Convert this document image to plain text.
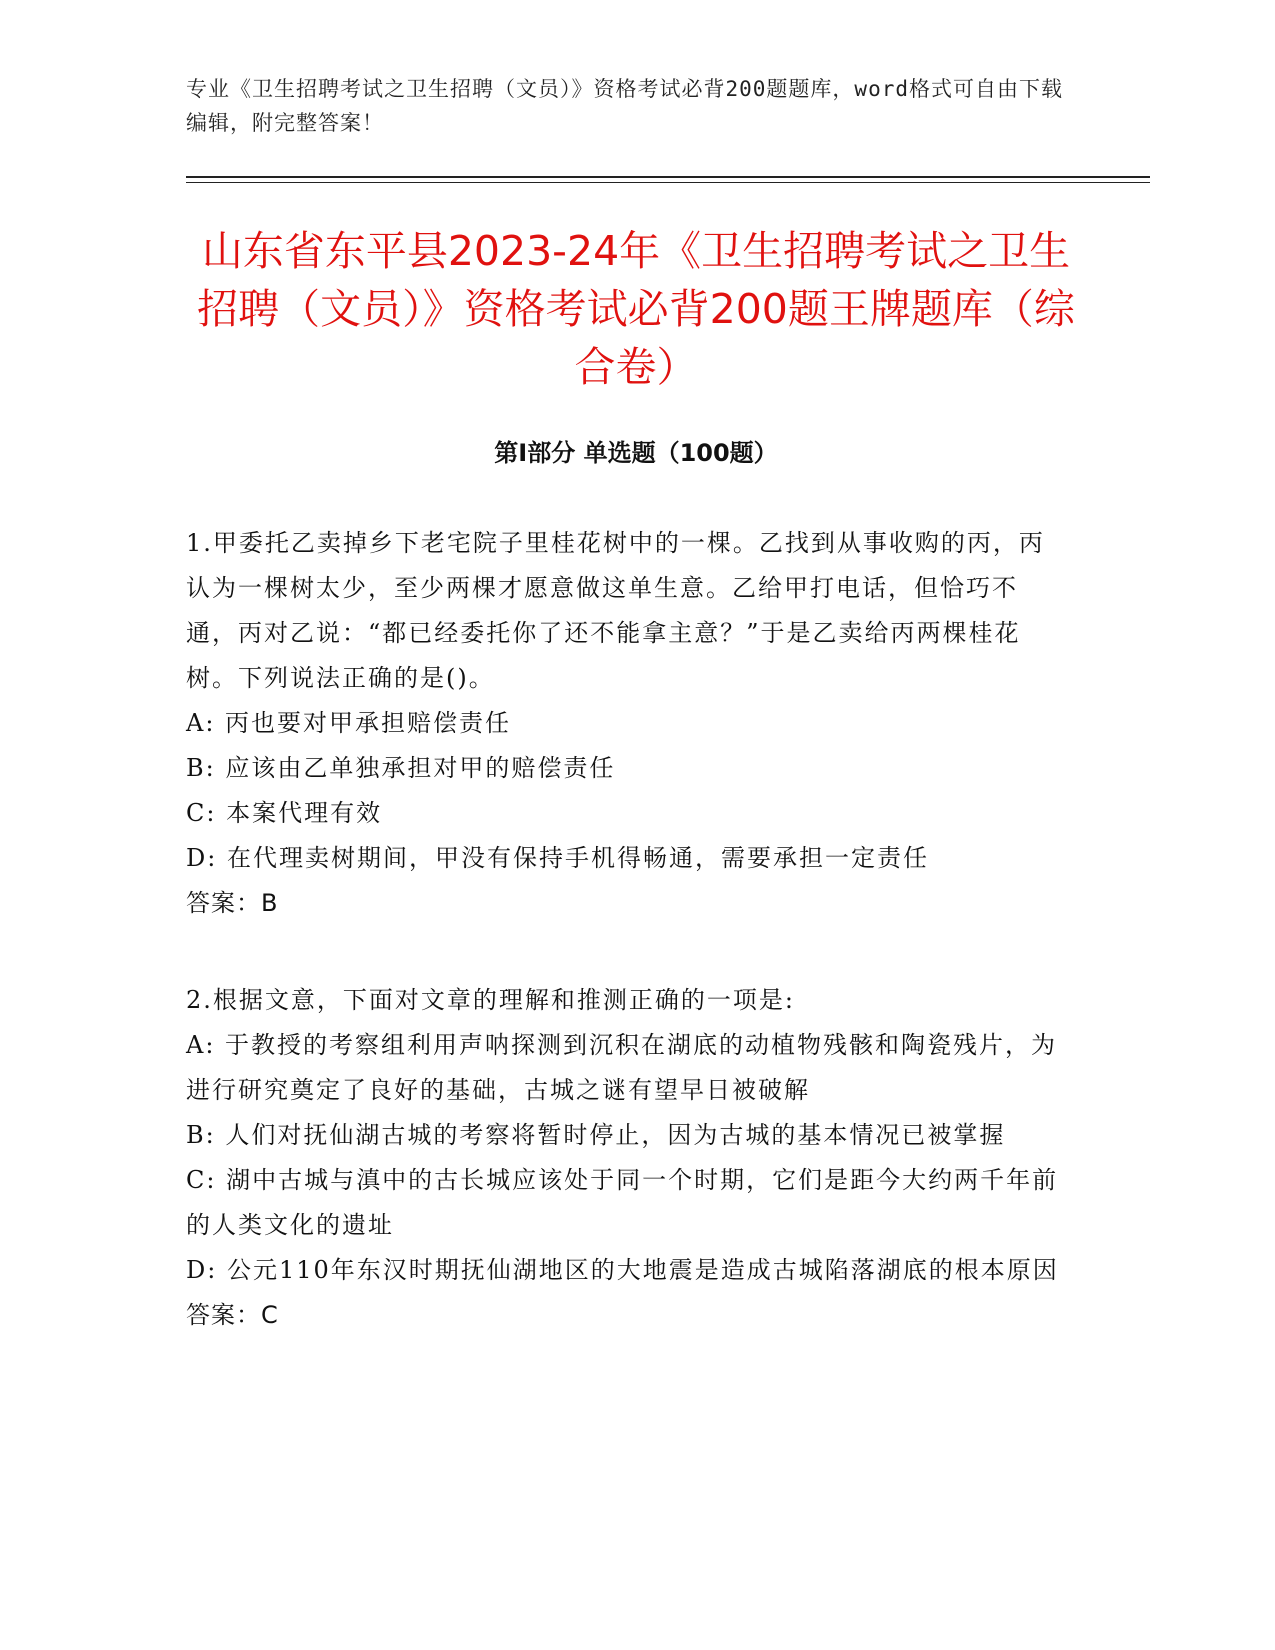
专业《卫生招聘考试之卫生招聘（文员）》资格考试必背200题题库，word格式可自由下载编辑，附完整答案！
山东省东平县2023-24年《卫生招聘考试之卫生招聘（文员）》资格考试必背200题王牌题库（综合卷）
第I部分 单选题（100题）

1.甲委托乙卖掉乡下老宅院子里桂花树中的一棵。乙找到从事收购的丙，丙认为一棵树太少，至少两棵才愿意做这单生意。乙给甲打电话，但恰巧不通，丙对乙说：“都已经委托你了还不能拿主意？”于是乙卖给丙两棵桂花树。下列说法正确的是()。

A: 丙也要对甲承担赔偿责任

B: 应该由乙单独承担对甲的赔偿责任

C: 本案代理有效

D: 在代理卖树期间，甲没有保持手机得畅通，需要承担一定责任

答案：B

2.根据文意，下面对文章的理解和推测正确的一项是:

A: 于教授的考察组利用声呐探测到沉积在湖底的动植物残骸和陶瓷残片，为进行研究奠定了良好的基础，古城之谜有望早日被破解

B: 人们对抚仙湖古城的考察将暂时停止，因为古城的基本情况已被掌握

C: 湖中古城与滇中的古长城应该处于同一个时期，它们是距今大约两千年前的人类文化的遗址

D: 公元110年东汉时期抚仙湖地区的大地震是造成古城陷落湖底的根本原因

答案：C
